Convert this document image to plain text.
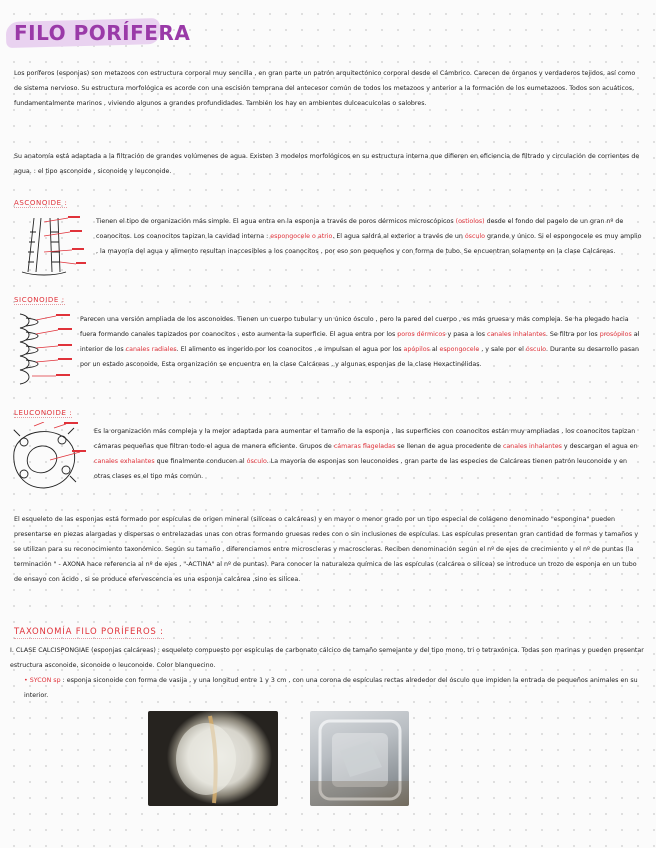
FILO PORÍFERA

Los poríferos (esponjas) son metazoos con estructura corporal muy sencilla , en gran parte un patrón arquitectónico corporal desde el Cámbrico. Carecen de órganos y verdaderos tejidos, así como de sistema nervioso. Su estructura morfológica es acorde con una escisión temprana del antecesor común de todos los metazoos y anterior a la formación de los eumetazoos. Todos son acuáticos, fundamentalmente marinos , viviendo algunos a grandes profundidades. También los hay en ambientes dulceacuícolas o salobres.

Su anatomía está adaptada a la filtración de grandes volúmenes de agua. Existen 3 modelos morfológicos en su estructura interna que difieren en eficiencia de filtrado y circulación de corrientes de agua. : el tipo asconoide , siconoide y leuconoide.

ASCONOIDE :

Tienen el tipo de organización más simple. El agua entra en la esponja a través de poros dérmicos microscópicos (ostiolos) desde el fondo del pagelo de un gran nº de coanocitos. Los coanocitos tapizan la cavidad interna : espongocele o atrio. El agua saldrá al exterior a través de un ósculo grande y único. Si el espongocele es muy amplio , la mayoría del agua y alimento resultan inaccesibles a los coanocitos , por eso son pequeños y con forma de tubo. Se encuentran solamente en la clase Calcáreas.

SICONOIDE :

Parecen una versión ampliada de los asconoides. Tienen un cuerpo tubular y un único ósculo , pero la pared del cuerpo , es más gruesa y más compleja. Se ha plegado hacia fuera formando canales tapizados por coanocitos , esto aumenta la superficie. El agua entra por los poros dérmicos y pasa a los canales inhalantes. Se filtra por los prosópilos al interior de los canales radiales. El alimento es ingerido por los coanocitos , e impulsan el agua por los apópilos al espongocele , y sale por el ósculo. Durante su desarrollo pasan por un estado asconoide. Esta organización se encuentra en la clase Calcáreas , y algunas esponjas de la clase Hexactinélidas.

LEUCONOIDE :

Es la organización más compleja y la mejor adaptada para aumentar el tamaño de la esponja , las superficies con coanocitos están muy ampliadas , los coanocitos tapizan cámaras pequeñas que filtran todo el agua de manera eficiente. Grupos de cámaras flageladas se llenan de agua procedente de canales inhalantes y descargan el agua en canales exhalantes que finalmente conducen al ósculo. La mayoría de esponjas son leuconoides , gran parte de las especies de Calcáreas tienen patrón leuconoide y en otras clases es el tipo más común.

El esqueleto de las esponjas está formado por espículas de origen mineral (silíceas o calcáreas) y en mayor o menor grado por un tipo especial de colágeno denominado "espongina" pueden presentarse en piezas alargadas y dispersas o entrelazadas unas con otras formando gruesas redes con o sin inclusiones de espículas. Las espículas presentan gran cantidad de formas y tamaños y se utilizan para su reconocimiento taxonómico. Según su tamaño , diferenciamos entre microscleras y macroscleras. Reciben denominación según el nº de ejes de crecimiento y el nº de puntas (la terminación " - AXONA hace referencia al nº de ejes , "-ACTINA" al nº de puntas). Para conocer la naturaleza química de las espículas (calcárea o silícea) se introduce un trozo de esponja en un tubo de ensayo con ácido , si se produce efervescencia es una esponja calcárea ,sino es silícea.

TAXONOMÍA FILO PORÍFEROS :

I. CLASE CALCISPONGIAE (esponjas calcáreas) : esqueleto compuesto por espículas de carbonato cálcico de tamaño semejante y del tipo mono, tri o tetraxónica. Todas son marinas y pueden presentar estructura asconoide, siconoide o leuconoide. Color blanquecino.

• SYCON sp : esponja siconoide con forma de vasija , y una longitud entre 1 y 3 cm , con una corona de espículas rectas alrededor del ósculo que impiden la entrada de pequeños animales en su interior.
